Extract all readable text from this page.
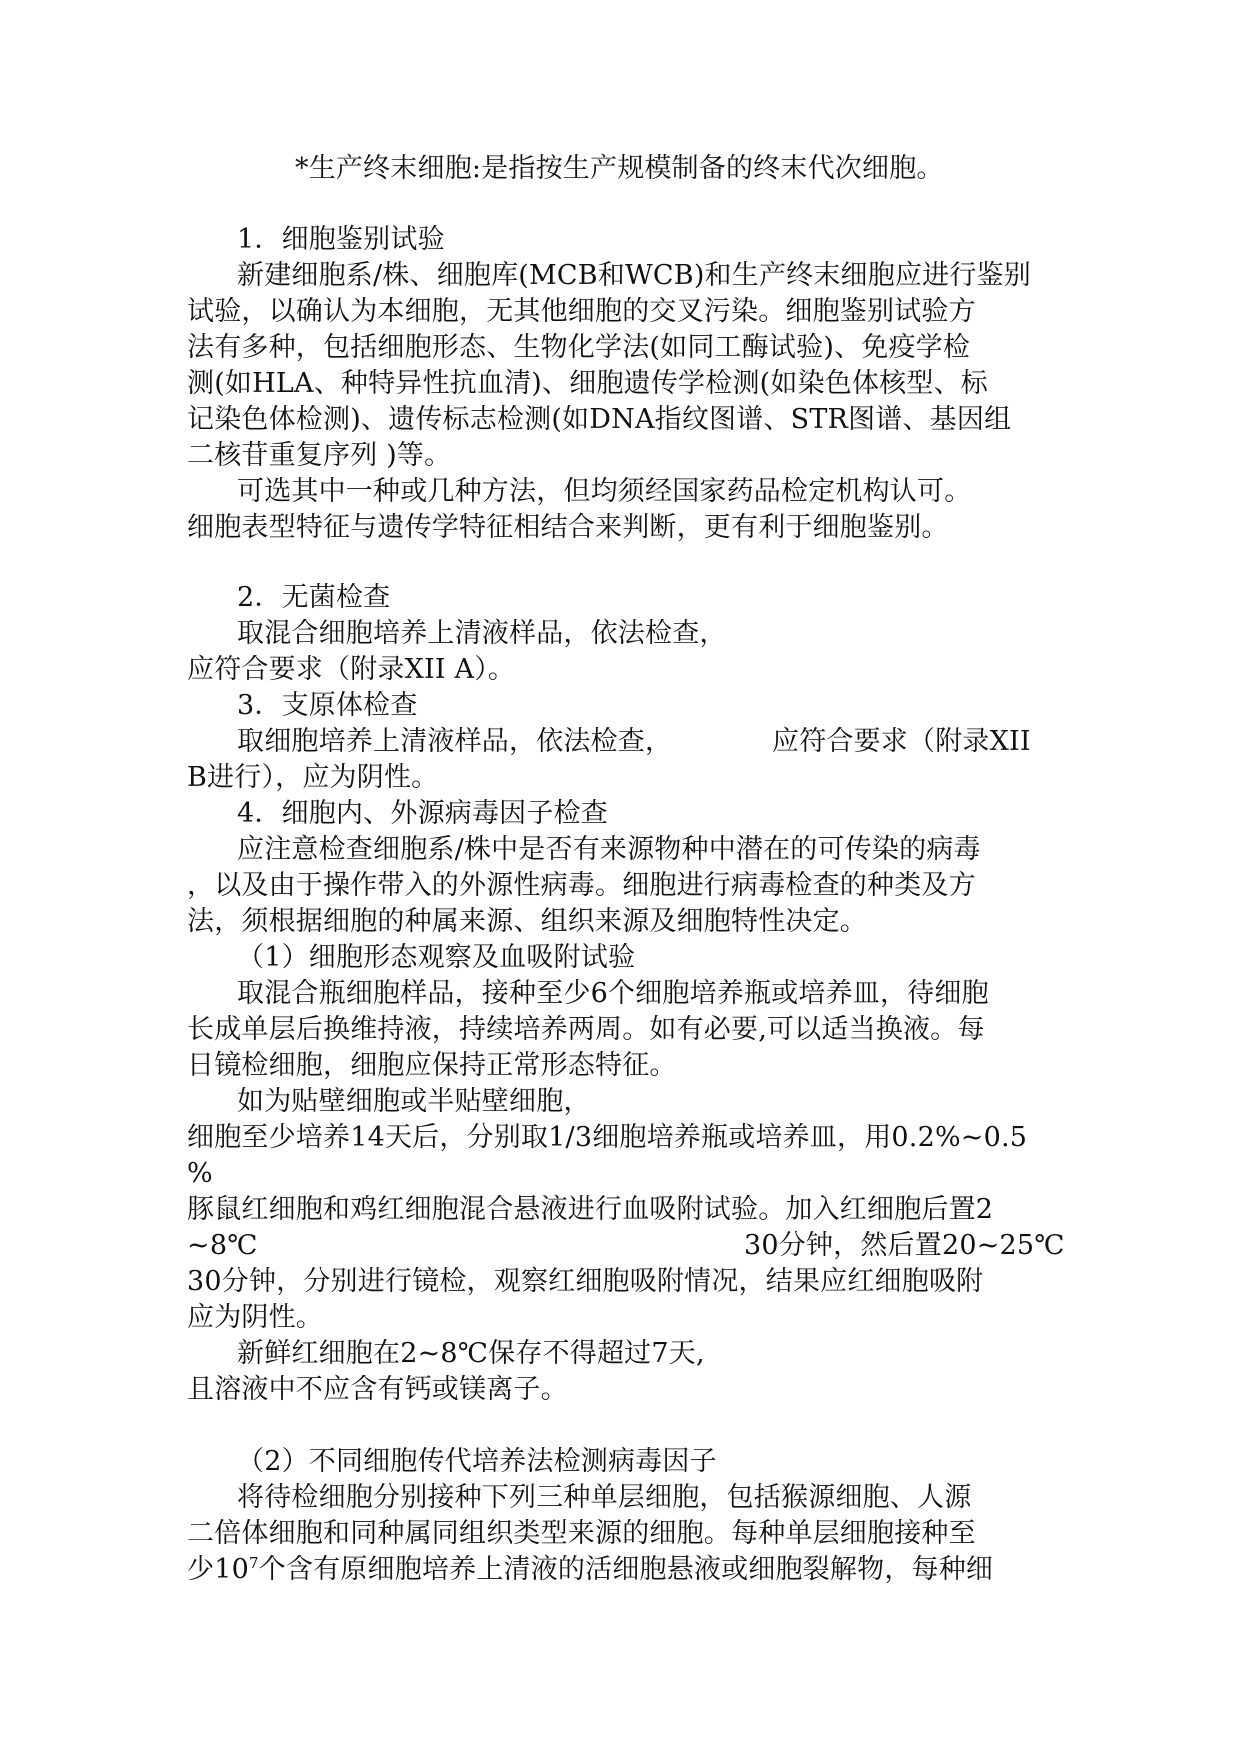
*生产终末细胞:是指按生产规模制备的终末代次细胞。
1．细胞鉴别试验
新建细胞系/株、细胞库(MCB和WCB)和生产终末细胞应进行鉴别
试验，以确认为本细胞，无其他细胞的交叉污染。细胞鉴别试验方
法有多种，包括细胞形态、生物化学法(如同工酶试验)、免疫学检
测(如HLA、种特异性抗血清)、细胞遗传学检测(如染色体核型、标
记染色体检测)、遗传标志检测(如DNA指纹图谱、STR图谱、基因组
二核苷重复序列 )等。
可选其中一种或几种方法，但均须经国家药品检定机构认可。
细胞表型特征与遗传学特征相结合来判断，更有利于细胞鉴别。
2．无菌检查
取混合细胞培养上清液样品，依法检查，
应符合要求（附录XII A）。
3．支原体检查
取细胞培养上清液样品，依法检查，	应符合要求（附录XII
B进行），应为阴性。
4．细胞内、外源病毒因子检查
应注意检查细胞系/株中是否有来源物种中潜在的可传染的病毒
，以及由于操作带入的外源性病毒。细胞进行病毒检查的种类及方
法，须根据细胞的种属来源、组织来源及细胞特性决定。
（1）细胞形态观察及血吸附试验
取混合瓶细胞样品，接种至少6个细胞培养瓶或培养皿，待细胞
长成单层后换维持液，持续培养两周。如有必要,可以适当换液。每
日镜检细胞，细胞应保持正常形态特征。
如为贴壁细胞或半贴壁细胞，
细胞至少培养14天后，分别取1/3细胞培养瓶或培养皿，用0.2%~0.5
%
豚鼠红细胞和鸡红细胞混合悬液进行血吸附试验。加入红细胞后置2
~8℃	30分钟，然后置20~25℃
30分钟，分别进行镜检，观察红细胞吸附情况，结果应红细胞吸附
应为阴性。
新鲜红细胞在2~8℃保存不得超过7天,
且溶液中不应含有钙或镁离子。
（2）不同细胞传代培养法检测病毒因子
将待检细胞分别接种下列三种单层细胞，包括猴源细胞、人源
二倍体细胞和同种属同组织类型来源的细胞。每种单层细胞接种至
少$10^7$个含有原细胞培养上清液的活细胞悬液或细胞裂解物，每种细
